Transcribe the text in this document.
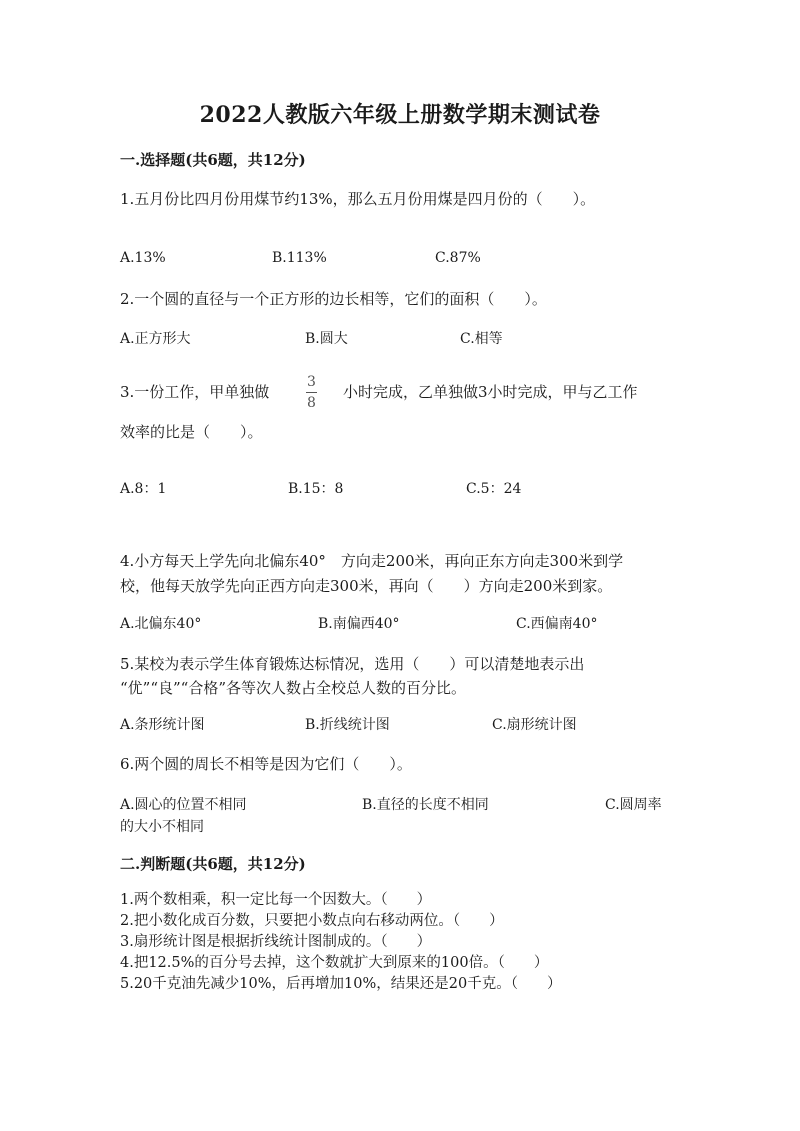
2022人教版六年级上册数学期末测试卷
一.选择题(共6题，共12分)
1.五月份比四月份用煤节约13%，那么五月份用煤是四月份的（　　）。
A.13%	B.113%	C.87%
2.一个圆的直径与一个正方形的边长相等，它们的面积（　　）。
A.正方形大	B.圆大	C.相等
3.一份工作，甲单独做
3
8
小时完成，乙单独做3小时完成，甲与乙工作
效率的比是（　　）。
A.8：1	B.15：8	C.5：24
4.小方每天上学先向北偏东40°　方向走200米，再向正东方向走300米到学
校，他每天放学先向正西方向走300米，再向（　　）方向走200米到家。
A.北偏东40°	B.南偏西40°	C.西偏南40°
5.某校为表示学生体育锻炼达标情况，选用（　　）可以清楚地表示出
“优”“良”“合格”各等次人数占全校总人数的百分比。
A.条形统计图	B.折线统计图	C.扇形统计图
6.两个圆的周长不相等是因为它们（　　）。
A.圆心的位置不相同	B.直径的长度不相同	C.圆周率
的大小不相同
二.判断题(共6题，共12分)
1.两个数相乘，积一定比每一个因数大。（　　）
2.把小数化成百分数，只要把小数点向右移动两位。（　　）
3.扇形统计图是根据折线统计图制成的。（　　）
4.把12.5%的百分号去掉，这个数就扩大到原来的100倍。（　　）
5.20千克油先减少10%，后再增加10%，结果还是20千克。（　　）
